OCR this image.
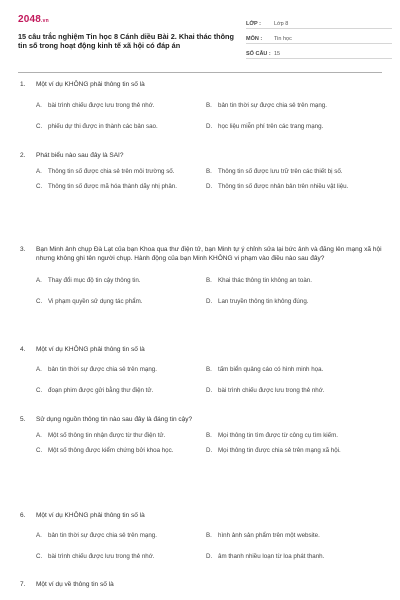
2048.vn
15 câu trắc nghiệm Tin học 8 Cánh diều Bài 2. Khai thác thông tin số trong hoạt động kinh tế xã hội có đáp án
LỚP :	Lớp 8
MÔN :	Tin học
SỐ CÂU : 15
1.	Một ví dụ KHÔNG phải thông tin số là
A. bài trình chiếu được lưu trong thẻ nhớ.	B. bản tin thời sự được chia sẻ trên mạng.
C. phiếu dự thi được in thành các bản sao.	D. học liệu miễn phí trên các trang mạng.
2.	Phát biểu nào sau đây là SAI?
A. Thông tin số được chia sẻ trên môi trường số.	B. Thông tin số được lưu trữ trên các thiết bị số.
C. Thông tin số được mã hóa thành dãy nhị phân.	D. Thông tin số được nhân bản trên nhiều vật liệu.
3.	Bạn Minh ảnh chụp Đà Lạt của bạn Khoa qua thư điện tử, bạn Minh tự ý chỉnh sửa lại bức ảnh và đăng lên mạng xã hội nhưng không ghi tên người chụp. Hành động của bạn Minh KHÔNG vi phạm vào điều nào sau đây?
A. Thay đổi mục độ tin cậy thông tin.	B. Khai thác thông tin không an toàn.
C. Vi phạm quyền sử dụng tác phẩm.	D. Lan truyền thông tin không đúng.
4.	Một ví dụ KHÔNG phải thông tin số là
A. bản tin thời sự được chia sẻ trên mạng.	B. tấm biển quảng cáo có hình minh họa.
C. đoạn phim được gửi bằng thư điện tử.	D. bài trình chiếu được lưu trong thẻ nhớ.
5.	Sử dụng nguồn thông tin nào sau đây là đáng tin cậy?
A. Một số thông tin nhận được từ thư điện tử.	B. Mọi thông tin tìm được từ công cụ tìm kiếm.
C. Một số thông được kiểm chứng bởi khoa học.	D. Mọi thông tin được chia sẻ trên mạng xã hội.
6.	Một ví dụ KHÔNG phải thông tin số là
A. bản tin thời sự được chia sẻ trên mạng.	B. hình ảnh sản phẩm trên một website.
C. bài trình chiếu được lưu trong thẻ nhớ.	D. âm thanh nhiều loạn từ loa phát thanh.
7.	Một ví dụ về thông tin số là
